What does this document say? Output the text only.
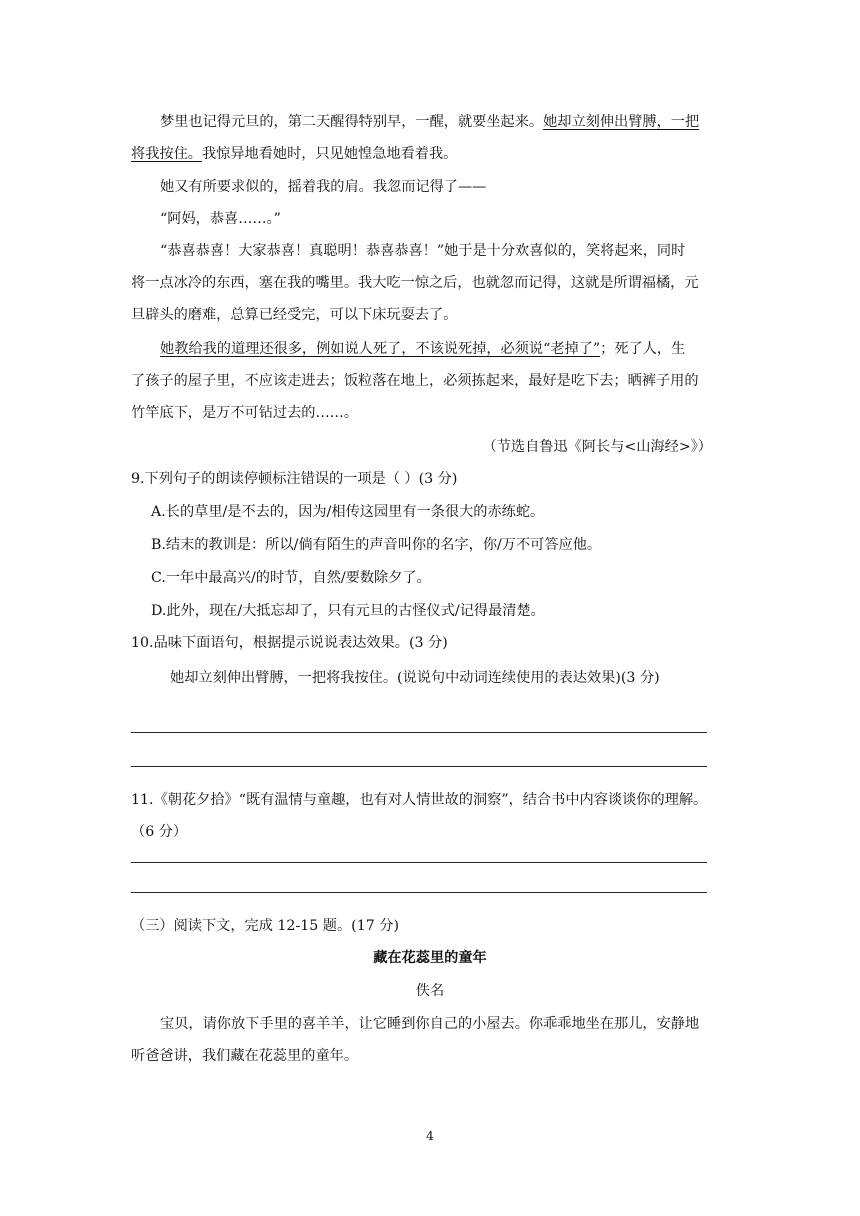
梦里也记得元旦的，第二天醒得特别早，一醒，就要坐起来。她却立刻伸出臂膊，一把
将我按住。我惊异地看她时，只见她惶急地看着我。
她又有所要求似的，摇着我的肩。我忽而记得了——
“阿妈，恭喜……。”
“恭喜恭喜！大家恭喜！真聪明！恭喜恭喜！”她于是十分欢喜似的，笑将起来，同时
将一点冰冷的东西，塞在我的嘴里。我大吃一惊之后，也就忽而记得，这就是所谓福橘，元
旦辟头的磨难，总算已经受完，可以下床玩耍去了。
她教给我的道理还很多，例如说人死了，不该说死掉，必须说“老掉了”；死了人，生
了孩子的屋子里，不应该走进去；饭粒落在地上，必须拣起来，最好是吃下去；晒裤子用的
竹竿底下，是万不可钻过去的……。
（节选自鲁迅《阿长与<山海经>》）
9.下列句子的朗读停顿标注错误的一项是（ ）(3 分)
A.长的草里/是不去的，因为/相传这园里有一条很大的赤练蛇。
B.结末的教训是：所以/倘有陌生的声音叫你的名字，你/万不可答应他。
C.一年中最高兴/的时节，自然/要数除夕了。
D.此外，现在/大抵忘却了，只有元旦的古怪仪式/记得最清楚。
10.品味下面语句，根据提示说说表达效果。(3 分)
她却立刻伸出臂膊，一把将我按住。(说说句中动词连续使用的表达效果)(3 分)
11.《朝花夕拾》“既有温情与童趣，也有对人情世故的洞察”，结合书中内容谈谈你的理解。
（6 分）
（三）阅读下文，完成 12-15 题。(17 分)
藏在花蕊里的童年
佚名
宝贝，请你放下手里的喜羊羊，让它睡到你自己的小屋去。你乖乖地坐在那儿，安静地
听爸爸讲，我们藏在花蕊里的童年。
4
